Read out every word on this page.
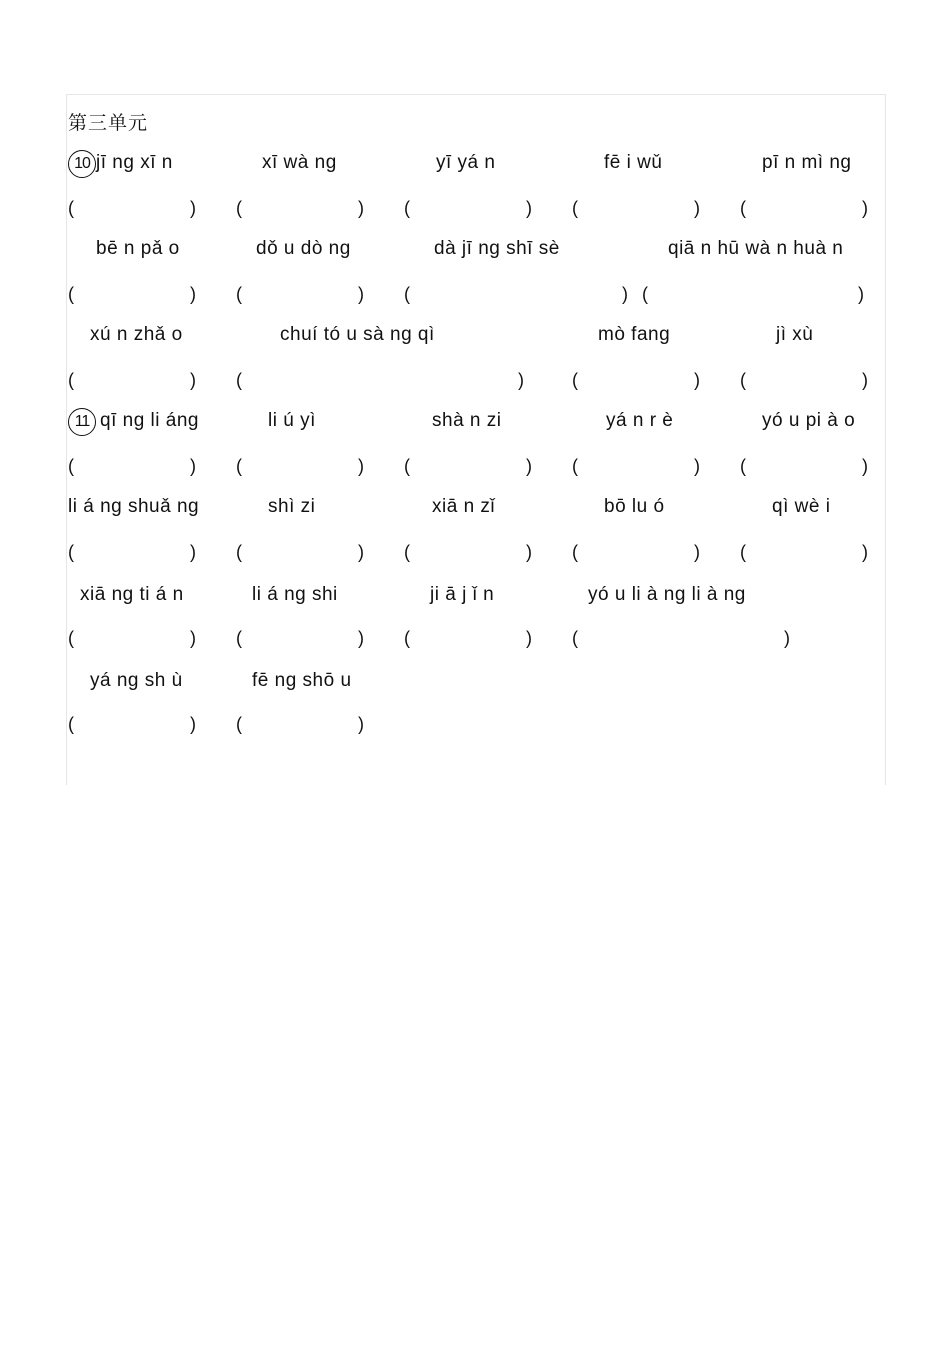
第三单元
10 jī ng xī n	xī wà ng	yī yá n	fē i wǔ	pī n mì ng
(	) (	) (	) (	) (	)
bē n pǎ o	dǒ u dò ng	dà jī ng shī sè	qiā n hū wà n huà n
(	) (	) (	) (	)
xú n zhǎ o	chuí tó u sà ng qì	mò fang	jì xù
(	) (	)	(	) (	)
11 qī ng li áng	li ú yì	shà n zi	yá n r è	yó u pi à o
(	) (	) (	) (	) (	)
li á ng shuǎ ng	shì zi	xiā n zǐ	bō lu ó	qì wè i
(	) (	) (	) (	) (	)
xiā ng ti á n	li á ng shi	ji ā j ǐ n	yó u li à ng li à ng
(	) (	) (	) (	)
yá ng sh ù	fē ng shō u
(	) (	)
